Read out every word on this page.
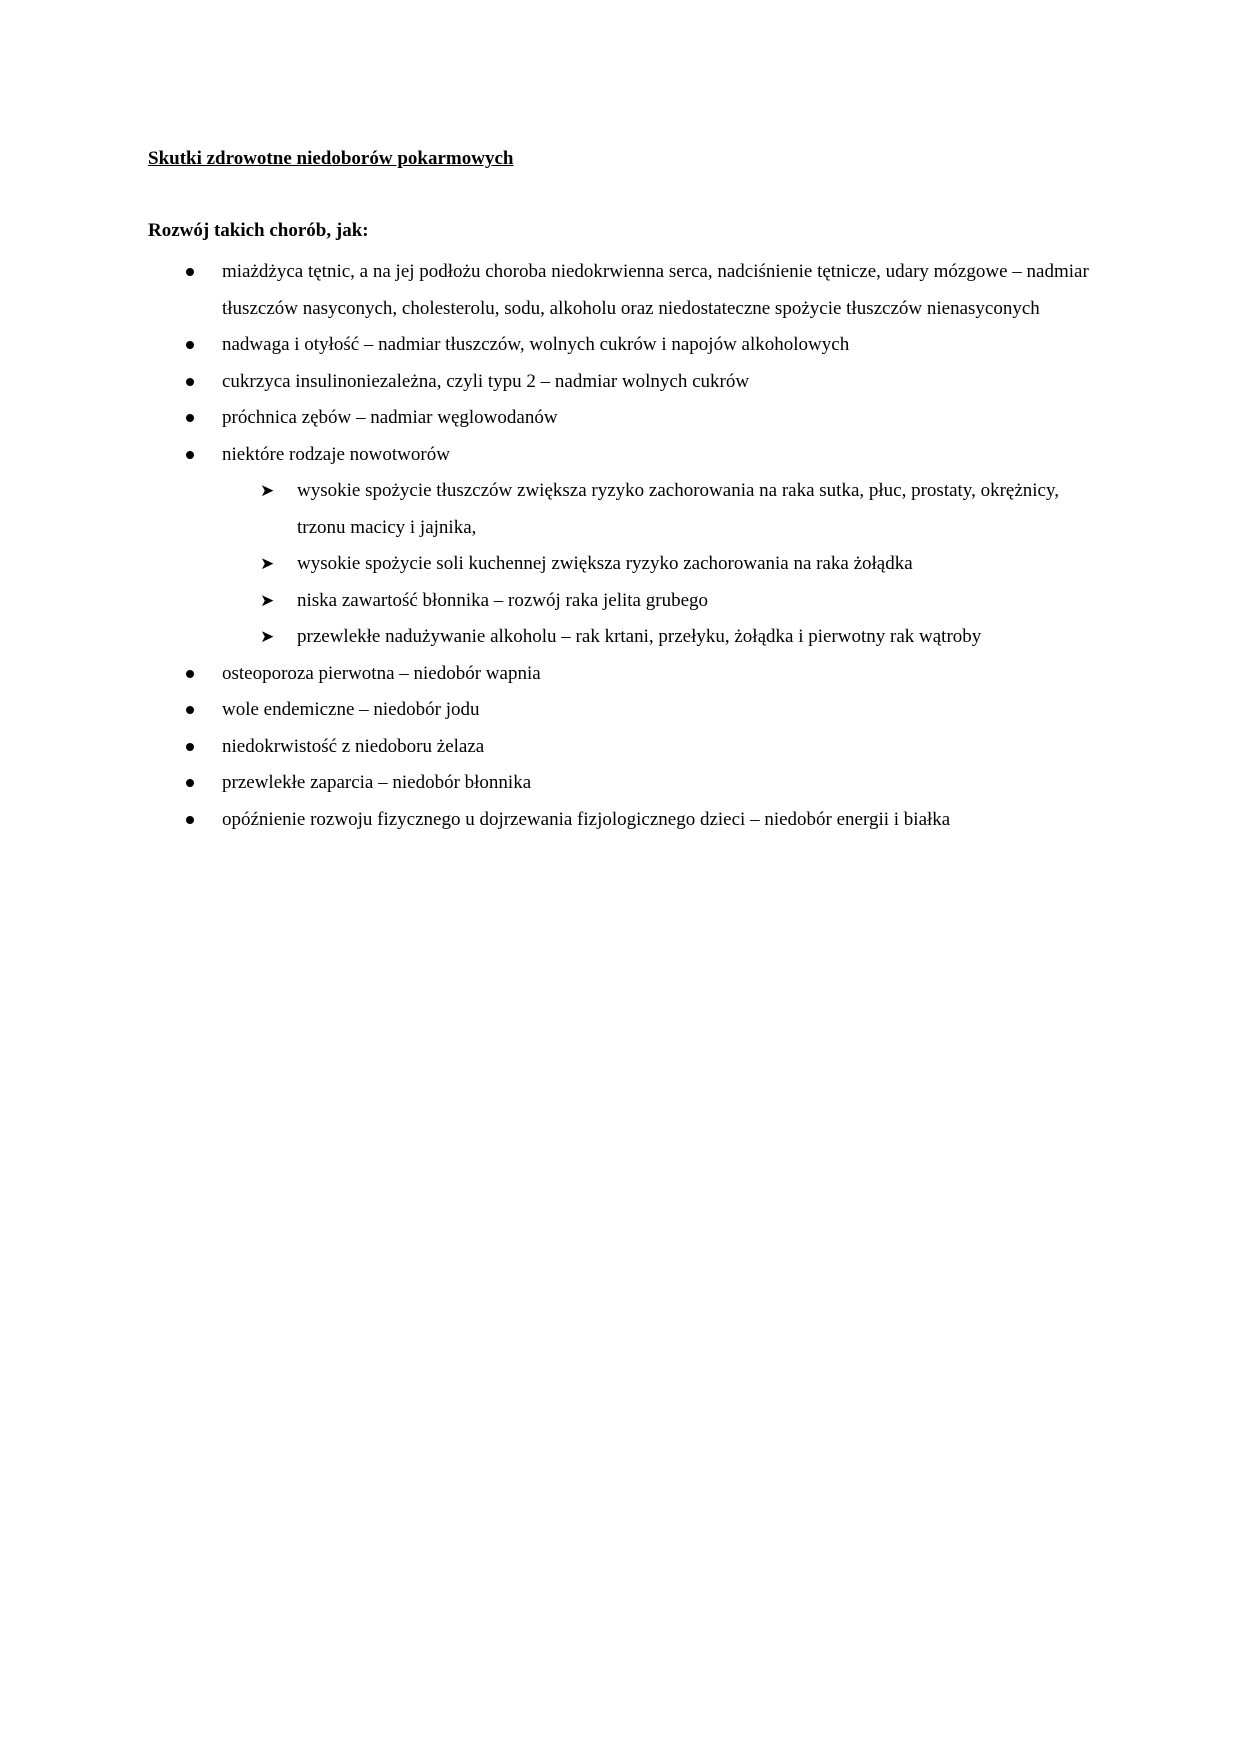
Skutki zdrowotne niedoborów pokarmowych
Rozwój takich chorób, jak:
miażdżyca tętnic, a na jej podłożu choroba niedokrwienna serca, nadciśnienie tętnicze, udary mózgowe – nadmiar tłuszczów nasyconych, cholesterolu, sodu, alkoholu oraz niedostateczne spożycie tłuszczów nienasyconych
nadwaga i otyłość – nadmiar tłuszczów, wolnych cukrów i napojów alkoholowych
cukrzyca insulinoniezależna, czyli typu 2 – nadmiar wolnych cukrów
próchnica zębów – nadmiar węglowodanów
niektóre rodzaje nowotworów
➤ wysokie spożycie tłuszczów zwiększa ryzyko zachorowania na raka sutka, płuc, prostaty, okrężnicy, trzonu macicy i jajnika,
➤ wysokie spożycie soli kuchennej zwiększa ryzyko zachorowania na raka żołądka
➤ niska zawartość błonnika – rozwój raka jelita grubego
➤ przewlekłe nadużywanie alkoholu – rak krtani, przełyku, żołądka i pierwotny rak wątroby
osteoporoza pierwotna – niedobór wapnia
wole endemiczne – niedobór jodu
niedokrwistość z niedoboru żelaza
przewlekłe zaparcia – niedobór błonnika
opóźnienie rozwoju fizycznego u dojrzewania fizjologicznego dzieci – niedobór energii i białka
